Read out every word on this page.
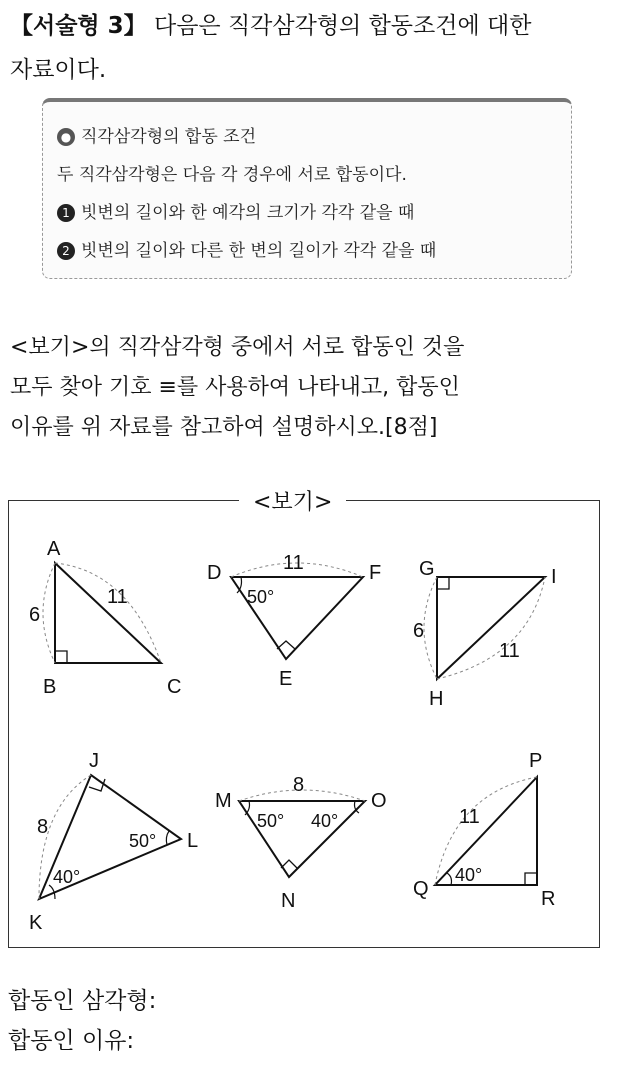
【서술형 3】 다음은 직각삼각형의 합동조건에 대한
자료이다.
● 직각삼각형의 합동 조건
두 직각삼각형은 다음 각 경우에 서로 합동이다.
1 빗변의 길이와 한 예각의 크기가 각각 같을 때
2 빗변의 길이와 다른 한 변의 길이가 각각 같을 때
<보기>의 직각삼각형 중에서 서로 합동인 것을
모두 찾아 기호 ≡를 사용하여 나타내고, 합동인
이유를 위 자료를 참고하여 설명하시오.[8점]
<보기>
A
B	C
6
11
D
E
F
11
50°
G
H
I
6
11
J
K
L
8
40°
50°
M
N
O
8
50° 40°
P
Q	R
11
40°
합동인 삼각형:
합동인 이유:
